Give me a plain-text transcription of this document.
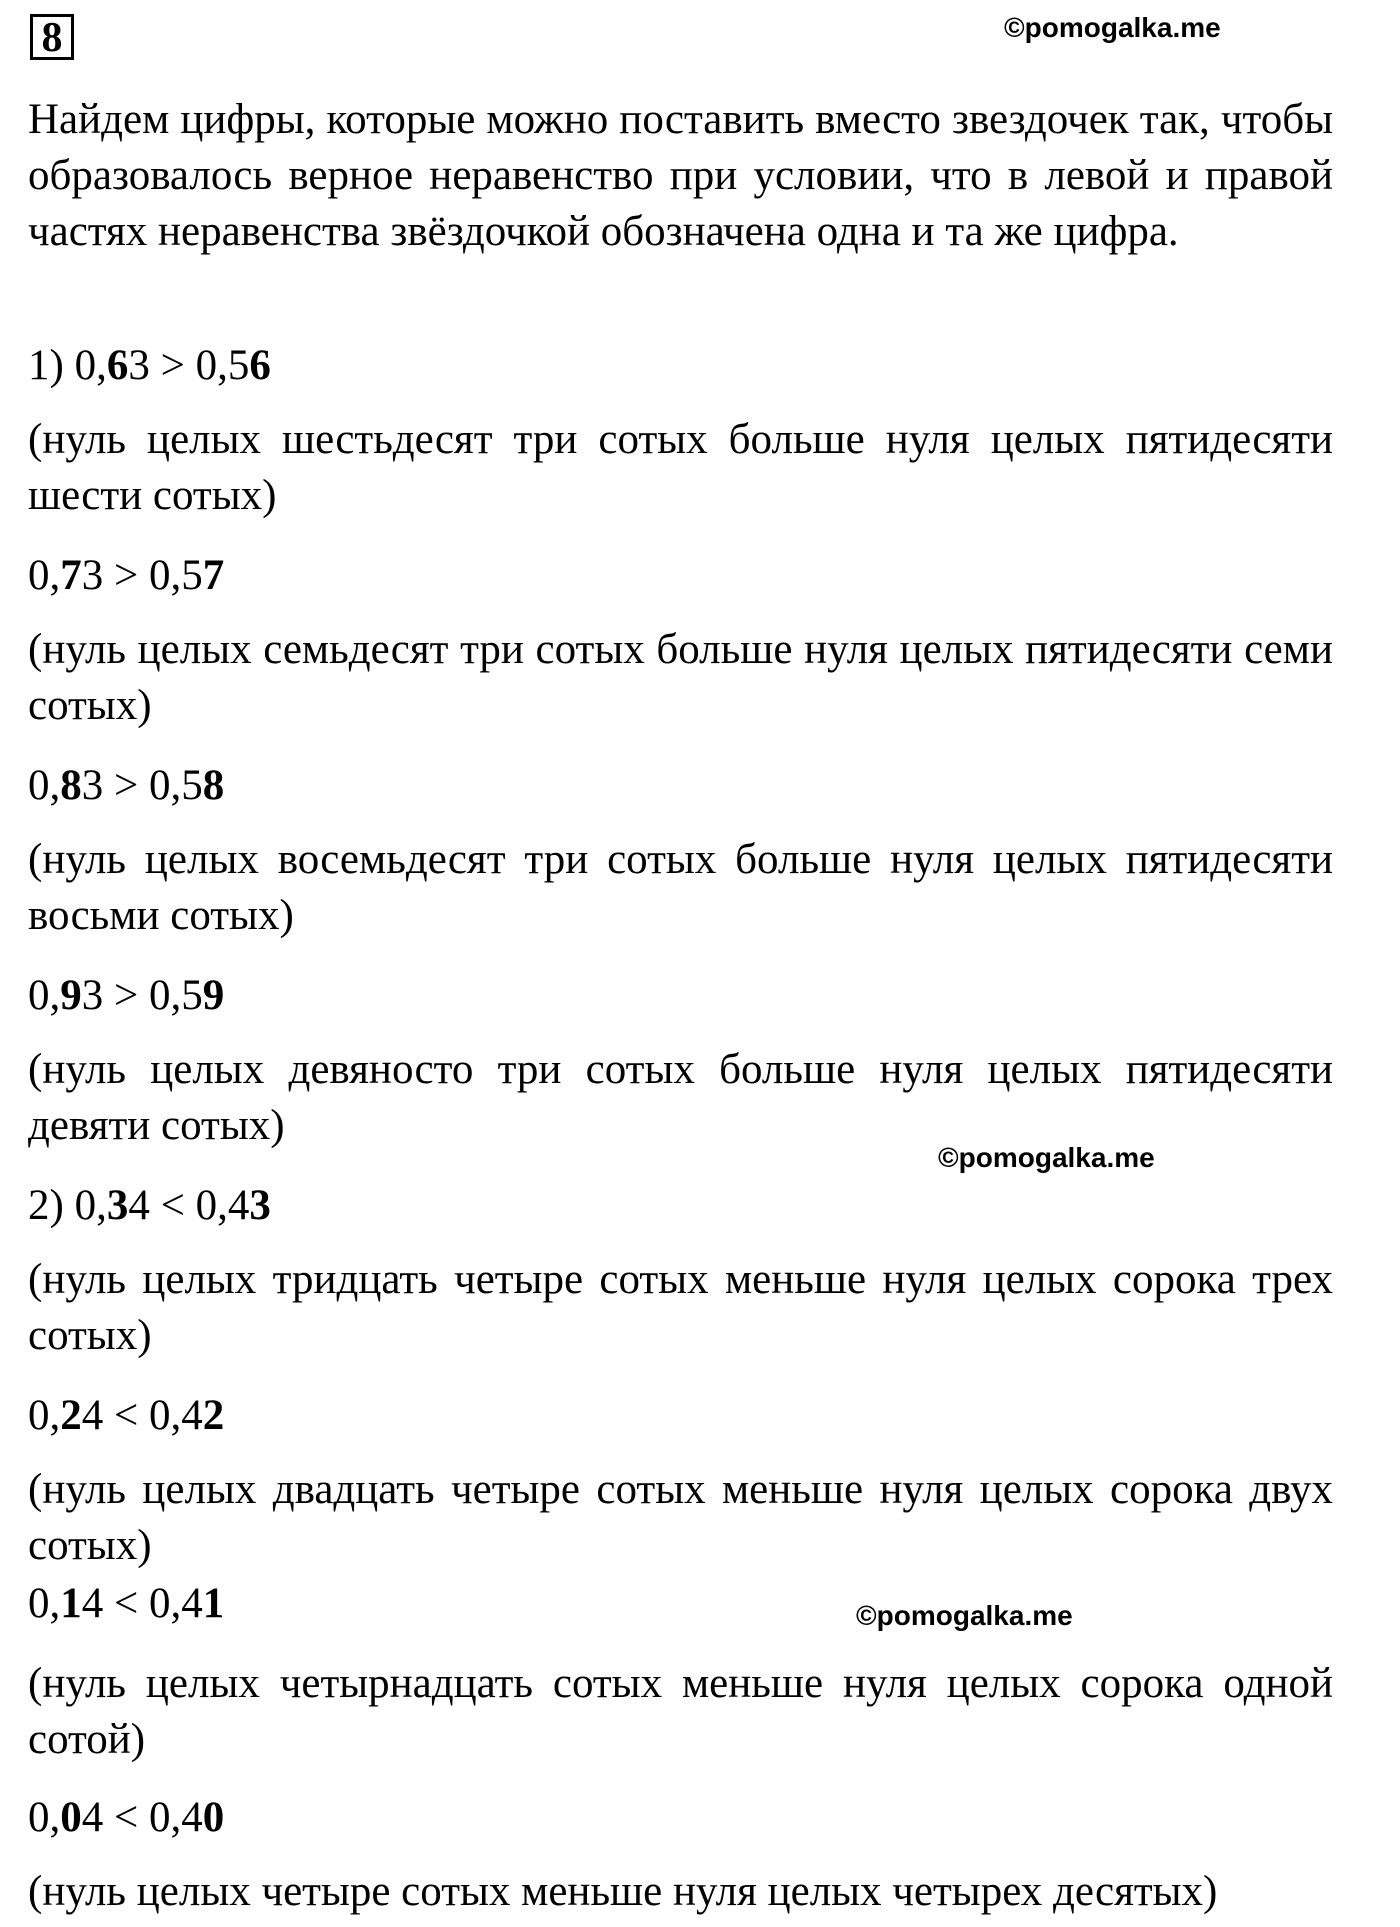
8	©pomogalka.me
Найдем цифры, которые можно поставить вместо звездочек так, чтобы образовалось верное неравенство при условии, что в левой и правой частях неравенства звёздочкой обозначена одна и та же цифра.
1) 0,63 > 0,56
(нуль целых шестьдесят три сотых больше нуля целых пятидесяти шести сотых)
0,73 > 0,57
(нуль целых семьдесят три сотых больше нуля целых пятидесяти семи сотых)
0,83 > 0,58
(нуль целых восемьдесят три сотых больше нуля целых пятидесяти восьми сотых)
0,93 > 0,59
(нуль целых девяносто три сотых больше нуля целых пятидесяти девяти сотых)
©pomogalka.me
2) 0,34 < 0,43
(нуль целых тридцать четыре сотых меньше нуля целых сорока трех сотых)
0,24 < 0,42
(нуль целых двадцать четыре сотых меньше нуля целых сорока двух сотых)
0,14 < 0,41	©pomogalka.me
(нуль целых четырнадцать сотых меньше нуля целых сорока одной сотой)
0,04 < 0,40
(нуль целых четыре сотых меньше нуля целых четырех десятых)
